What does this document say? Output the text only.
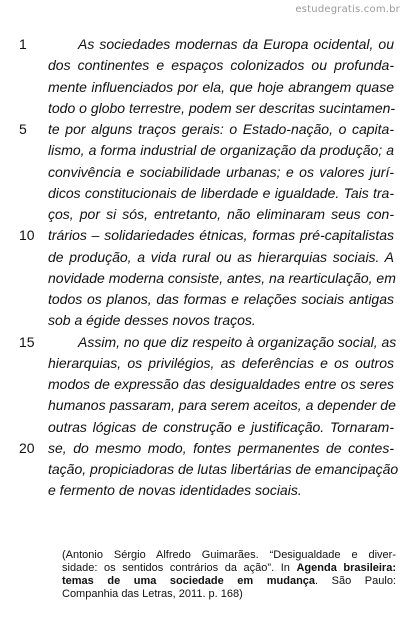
estudegratis.com.br
1	As sociedades modernas da Europa ocidental, ou
dos continentes e espaços colonizados ou profunda-
mente influenciados por ela, que hoje abrangem quase
todo o globo terrestre, podem ser descritas sucintamen-
5 te por alguns traços gerais: o Estado-nação, o capita-
lismo, a forma industrial de organização da produção; a
convivência e sociabilidade urbanas; e os valores jurí-
dicos constitucionais de liberdade e igualdade. Tais tra-
ços, por si sós, entretanto, não eliminaram seus con-
10 trários – solidariedades étnicas, formas pré-capitalistas
de produção, a vida rural ou as hierarquias sociais. A
novidade moderna consiste, antes, na rearticulação, em
todos os planos, das formas e relações sociais antigas
sob a égide desses novos traços.
15	Assim, no que diz respeito à organização social, as
hierarquias, os privilégios, as deferências e os outros
modos de expressão das desigualdades entre os seres
humanos passaram, para serem aceitos, a depender de
outras lógicas de construção e justificação. Tornaram-
20 se, do mesmo modo, fontes permanentes de contes-
tação, propiciadoras de lutas libertárias de emancipação
e fermento de novas identidades sociais.
(Antonio Sérgio Alfredo Guimarães. “Desigualdade e diver-
sidade: os sentidos contrários da ação”. In Agenda brasileira:
temas de uma sociedade em mudança. São Paulo:
Companhia das Letras, 2011. p. 168)
